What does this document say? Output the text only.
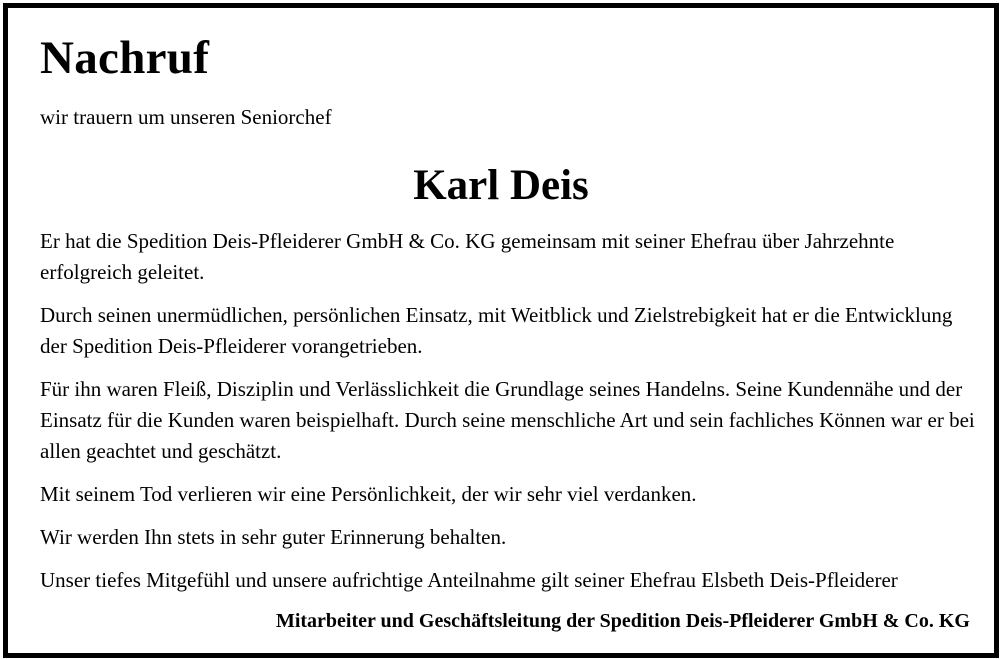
Nachruf
wir trauern um unseren Seniorchef
Karl Deis

Er hat die Spedition Deis-Pfleiderer GmbH & Co. KG gemeinsam mit seiner Ehefrau über Jahrzehnte erfolgreich geleitet.

Durch seinen unermüdlichen, persönlichen Einsatz, mit Weitblick und Zielstrebigkeit hat er die Entwicklung der Spedition Deis-Pfleiderer vorangetrieben.

Für ihn waren Fleiß, Disziplin und Verlässlichkeit die Grundlage seines Handelns. Seine Kundennähe und der Einsatz für die Kunden waren beispielhaft. Durch seine menschliche Art und sein fachliches Können war er bei allen geachtet und geschätzt.

Mit seinem Tod verlieren wir eine Persönlichkeit, der wir sehr viel verdanken.

Wir werden Ihn stets in sehr guter Erinnerung behalten.

Unser tiefes Mitgefühl und unsere aufrichtige Anteilnahme gilt seiner Ehefrau Elsbeth Deis-Pfleiderer

Mitarbeiter und Geschäftsleitung der Spedition Deis-Pfleiderer GmbH & Co. KG
